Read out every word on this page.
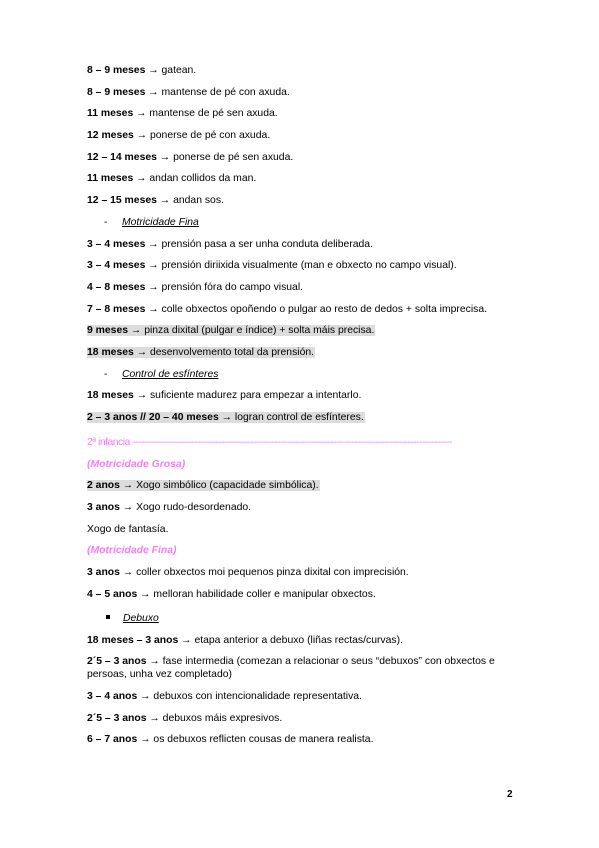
8 – 9 meses → gatean.

8 – 9 meses → mantense de pé con axuda.

11 meses → mantense de pé sen axuda.

12 meses → ponerse de pé con axuda.

12 – 14 meses → ponerse de pé sen axuda.

11 meses → andan collidos da man.

12 – 15 meses → andan sos.

- Motricidade Fina

3 – 4 meses → prensión pasa a ser unha conduta deliberada.

3 – 4 meses → prensión diriixida visualmente (man e obxecto no campo visual).

4 – 8 meses → prensión fóra do campo visual.

7 – 8 meses → colle obxectos opoñendo o pulgar ao resto de dedos + solta imprecisa.

9 meses → pinza dixital (pulgar e índice) + solta máis precisa.

18 meses → desenvolvemento total da prensión.

- Control de esfínteres

18 meses → suficiente madurez para empezar a intentarlo.

2 – 3 anos // 20 – 40 meses → logran control de esfínteres.

2ª infancia ------------------------------------------------------------------------------------------------------------

(Motricidade Grosa)

2 anos → Xogo simbólico (capacidade simbólica).

3 anos → Xogo rudo-desordenado.

Xogo de fantasía.

(Motricidade Fina)

3 anos → coller obxectos moi pequenos pinza dixital con imprecisión.

4 – 5 anos → melloran habilidade coller e manipular obxectos.

Debuxo

18 meses – 3 anos → etapa anterior a debuxo (liñas rectas/curvas).

2´5 – 3 anos → fase intermedia (comezan a relacionar o seus “debuxos” con obxectos e persoas, unha vez completado)

3 – 4 anos → debuxos con intencionalidade representativa.

2´5 – 3 anos → debuxos máis expresivos.

6 – 7 anos → os debuxos reflicten cousas de manera realista.

2
